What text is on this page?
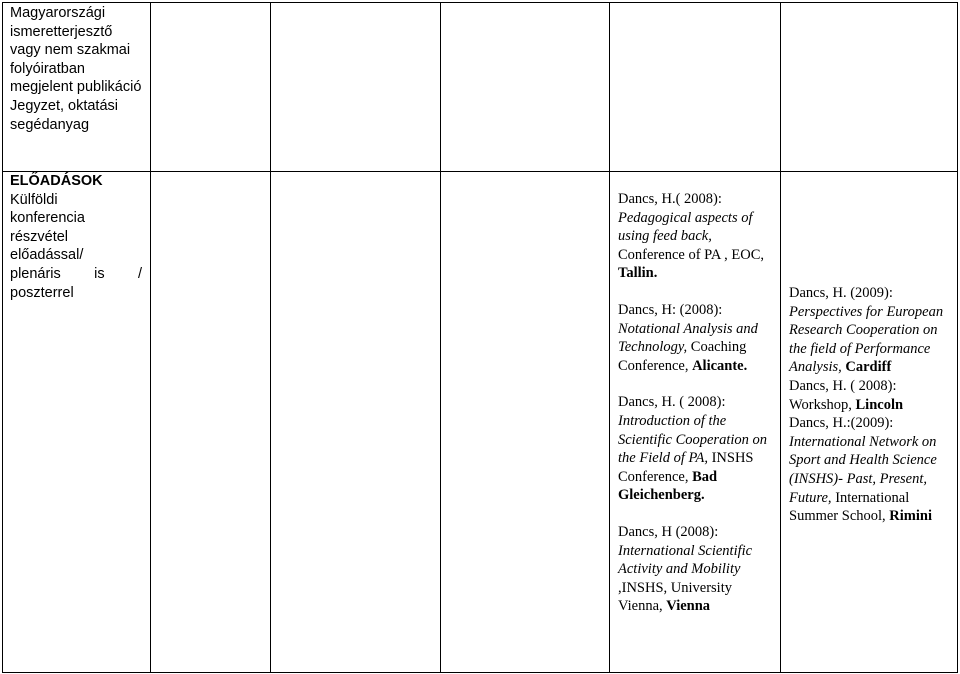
Magyarországi ismeretterjesztő vagy nem szakmai folyóiratban megjelent publikáció
Jegyzet, oktatási segédanyag
ELŐADÁSOK
Külföldi
konferencia
részvétel
előadással/
plenáris is /
poszterrel
Dancs, H.( 2008):
Pedagogical aspects of using feed back, Conference of PA , EOC, Tallin.
Dancs, H: (2008):
Notational Analysis and Technology, Coaching Conference, Alicante.
Dancs, H. ( 2008):
Introduction of the Scientific Cooperation on the Field of PA, INSHS Conference, Bad Gleichenberg.
Dancs, H (2008):
International Scientific Activity and Mobility ,INSHS, University Vienna, Vienna
Dancs, H. (2009):
Perspectives for European Research Cooperation on the field of Performance Analysis, Cardiff
Dancs, H. ( 2008):
Workshop, Lincoln
Dancs, H.:(2009):
International Network on Sport and Health Science (INSHS)- Past, Present, Future, International Summer School, Rimini
